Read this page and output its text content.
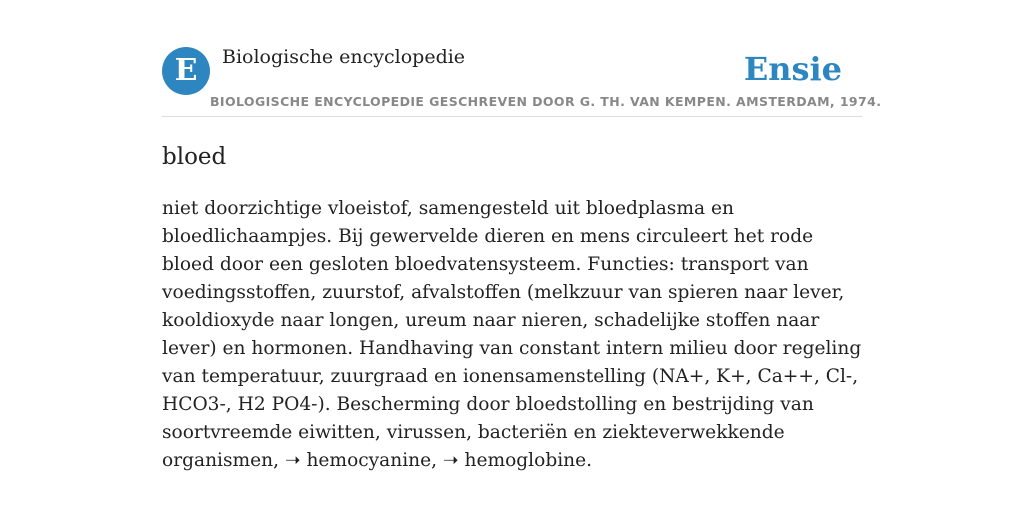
E	Biologische encyclopedie	Ensie
BIOLOGISCHE ENCYCLOPEDIE GESCHREVEN DOOR G. TH. VAN KEMPEN. AMSTERDAM, 1974.
bloed
niet doorzichtige vloeistof, samengesteld uit bloedplasma en bloedlichaampjes. Bij gewervelde dieren en mens circuleert het rode bloed door een gesloten bloedvatensysteem. Functies: transport van voedingsstoffen, zuurstof, afvalstoffen (melkzuur van spieren naar lever, kooldioxyde naar longen, ureum naar nieren, schadelijke stoffen naar lever) en hormonen. Handhaving van constant intern milieu door regeling van temperatuur, zuurgraad en ionensamenstelling (NA+, K+, Ca++, Cl-, HCO3-, H2 PO4-). Bescherming door bloedstolling en bestrijding van soortvreemde eiwitten, virussen, bacteriën en ziekteverwekkende organismen, ➝ hemocyanine, ➝ hemoglobine.
